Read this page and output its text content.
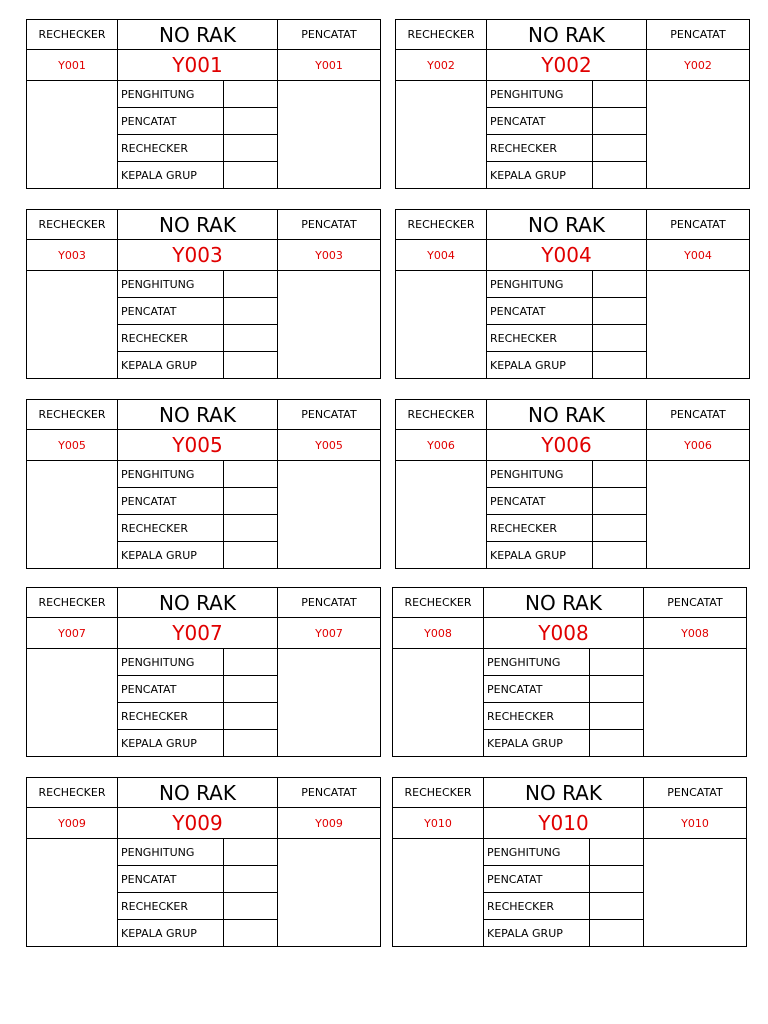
RECHECKER	NO RAK	PENCATAT
Y001	Y001	Y001
PENGHITUNG
PENCATAT
RECHECKER
KEPALA GRUP
RECHECKER	NO RAK	PENCATAT
Y002	Y002	Y002
PENGHITUNG
PENCATAT
RECHECKER
KEPALA GRUP
RECHECKER	NO RAK	PENCATAT
Y003	Y003	Y003
PENGHITUNG
PENCATAT
RECHECKER
KEPALA GRUP
RECHECKER	NO RAK	PENCATAT
Y004	Y004	Y004
PENGHITUNG
PENCATAT
RECHECKER
KEPALA GRUP
RECHECKER	NO RAK	PENCATAT
Y005	Y005	Y005
PENGHITUNG
PENCATAT
RECHECKER
KEPALA GRUP
RECHECKER	NO RAK	PENCATAT
Y006	Y006	Y006
PENGHITUNG
PENCATAT
RECHECKER
KEPALA GRUP
RECHECKER	NO RAK	PENCATAT
Y007	Y007	Y007
PENGHITUNG
PENCATAT
RECHECKER
KEPALA GRUP
RECHECKER	NO RAK	PENCATAT
Y008	Y008	Y008
PENGHITUNG
PENCATAT
RECHECKER
KEPALA GRUP
RECHECKER	NO RAK	PENCATAT
Y009	Y009	Y009
PENGHITUNG
PENCATAT
RECHECKER
KEPALA GRUP
RECHECKER	NO RAK	PENCATAT
Y010	Y010	Y010
PENGHITUNG
PENCATAT
RECHECKER
KEPALA GRUP
